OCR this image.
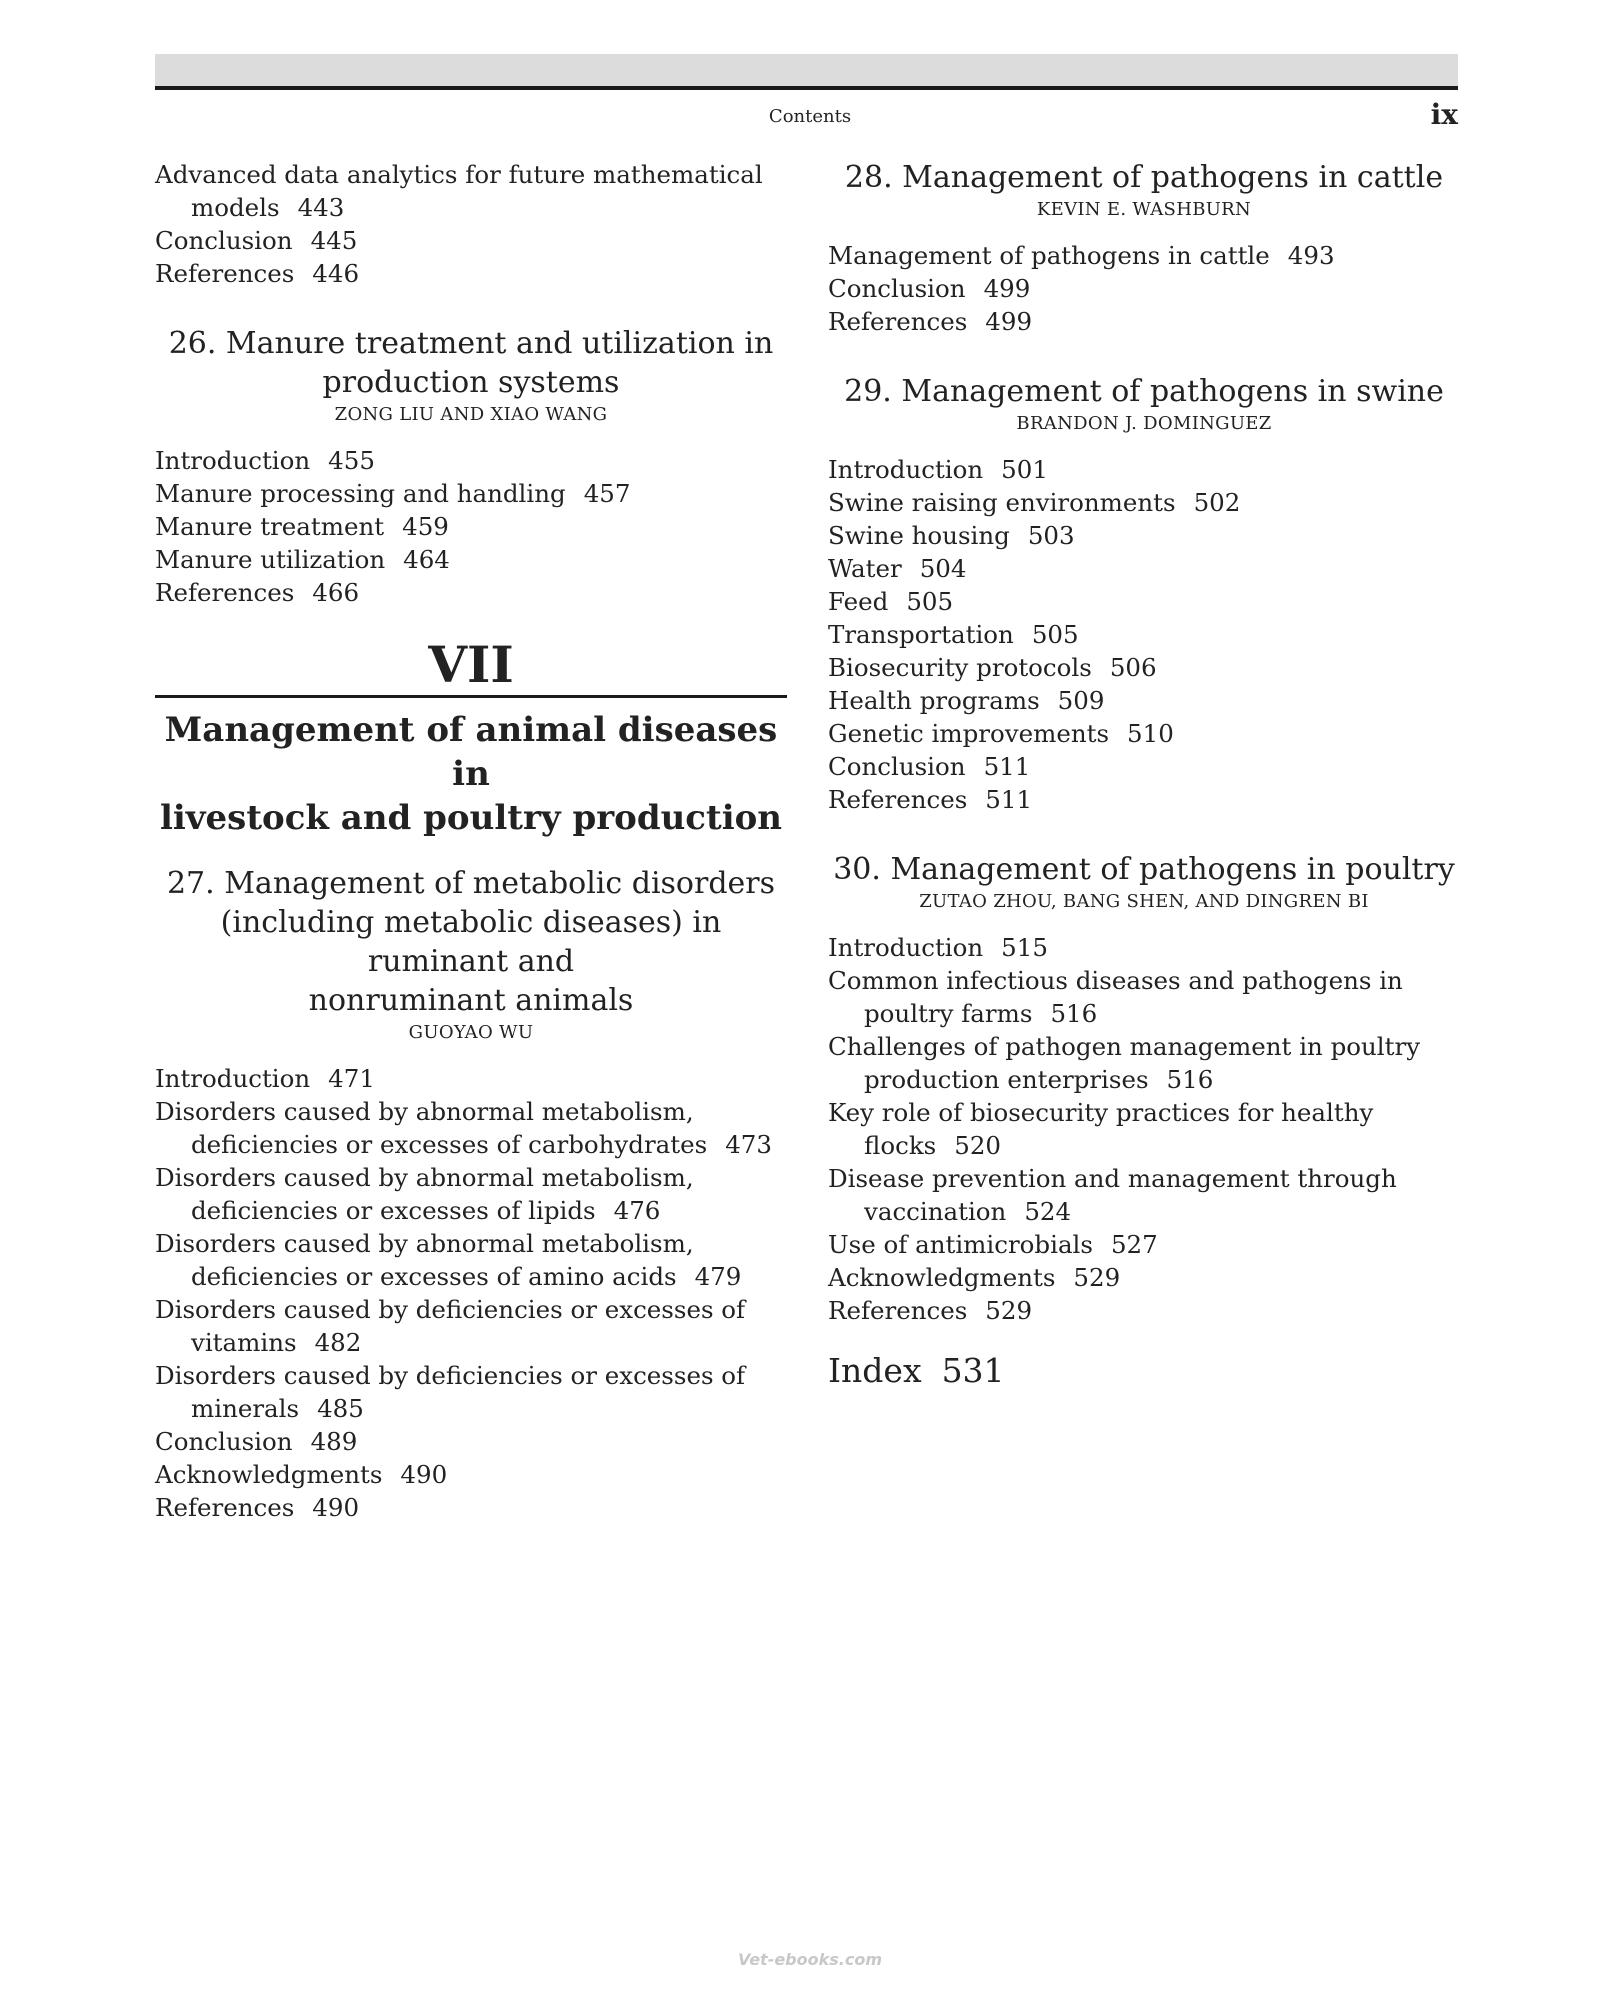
Contents	ix
Advanced data analytics for future mathematical models 443
Conclusion 445
References 446
26. Manure treatment and utilization in
production systems
ZONG LIU AND XIAO WANG
Introduction 455
Manure processing and handling 457
Manure treatment 459
Manure utilization 464
References 466
VII
Management of animal diseases in
livestock and poultry production
27. Management of metabolic disorders
(including metabolic diseases) in ruminant and
nonruminant animals
GUOYAO WU
Introduction 471
Disorders caused by abnormal metabolism, deficiencies or excesses of carbohydrates 473
Disorders caused by abnormal metabolism, deficiencies or excesses of lipids 476
Disorders caused by abnormal metabolism, deficiencies or excesses of amino acids 479
Disorders caused by deficiencies or excesses of vitamins 482
Disorders caused by deficiencies or excesses of minerals 485
Conclusion 489
Acknowledgments 490
References 490
28. Management of pathogens in cattle
KEVIN E. WASHBURN
Management of pathogens in cattle 493
Conclusion 499
References 499
29. Management of pathogens in swine
BRANDON J. DOMINGUEZ
Introduction 501
Swine raising environments 502
Swine housing 503
Water 504
Feed 505
Transportation 505
Biosecurity protocols 506
Health programs 509
Genetic improvements 510
Conclusion 511
References 511
30. Management of pathogens in poultry
ZUTAO ZHOU, BANG SHEN, AND DINGREN BI
Introduction 515
Common infectious diseases and pathogens in poultry farms 516
Challenges of pathogen management in poultry production enterprises 516
Key role of biosecurity practices for healthy flocks 520
Disease prevention and management through vaccination 524
Use of antimicrobials 527
Acknowledgments 529
References 529
Index 531
Vet-ebooks.com
